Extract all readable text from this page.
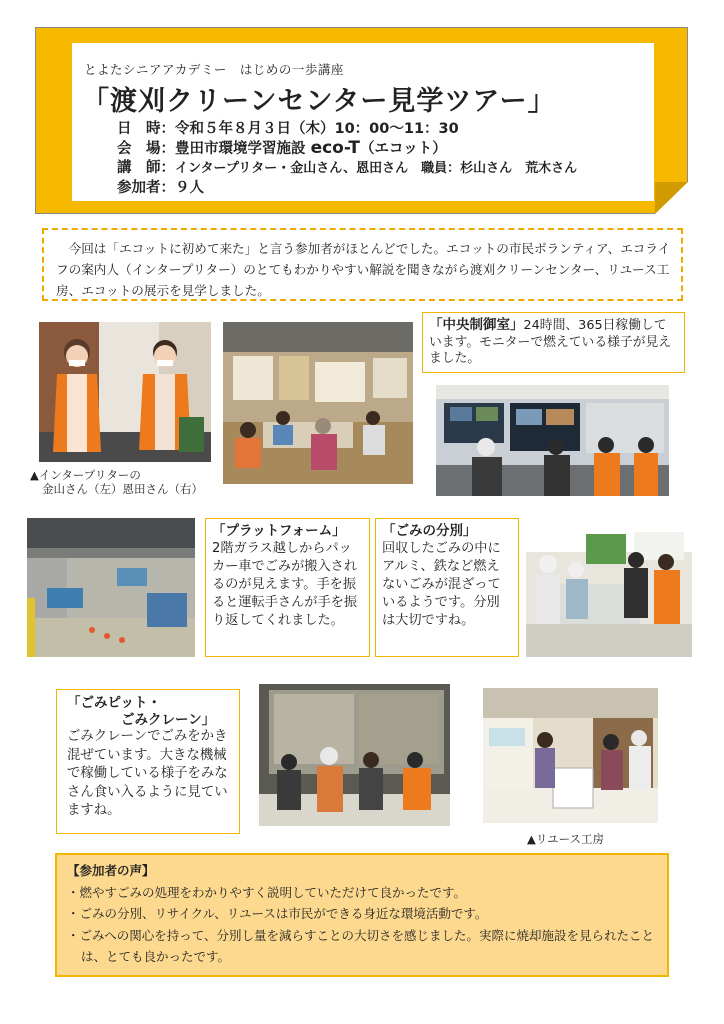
とよたシニアアカデミー　はじめの一歩講座
「渡刈クリーンセンター見学ツアー」
日　時：令和５年８月３日（木）10：00～11：30
会　場：豊田市環境学習施設 eco-T（エコット）
講　師：インタープリター・金山さん、恩田さん　職員：杉山さん　荒木さん
参加者：９人
今回は「エコットに初めて来た」と言う参加者がほとんどでした。エコットの市民ボランティア、エコライフの案内人（インタープリター）のとてもわかりやすい解説を聞きながら渡刈クリーンセンター、リユース工房、エコットの展示を見学しました。
▲インタープリターの
金山さん（左）恩田さん（右）
「中央制御室」24時間、365日稼働しています。モニターで燃えている様子が見えました。
「プラットフォーム」
2階ガラス越しからパッカー車でごみが搬入されるのが見えます。手を振ると運転手さんが手を振り返してくれました。
「ごみの分別」
回収したごみの中にアルミ、鉄など燃えないごみが混ざっているようです。分別は大切ですね。
「ごみピット・
ごみクレーン」
ごみクレーンでごみをかき混ぜています。大きな機械で稼働している様子をみなさん食い入るように見ていますね。
▲リユース工房
【参加者の声】
・燃やすごみの処理をわかりやすく説明していただけて良かったです。
・ごみの分別、リサイクル、リユースは市民ができる身近な環境活動です。
・ごみへの関心を持って、分別し量を減らすことの大切さを感じました。実際に焼却施設を見られたことは、とても良かったです。
